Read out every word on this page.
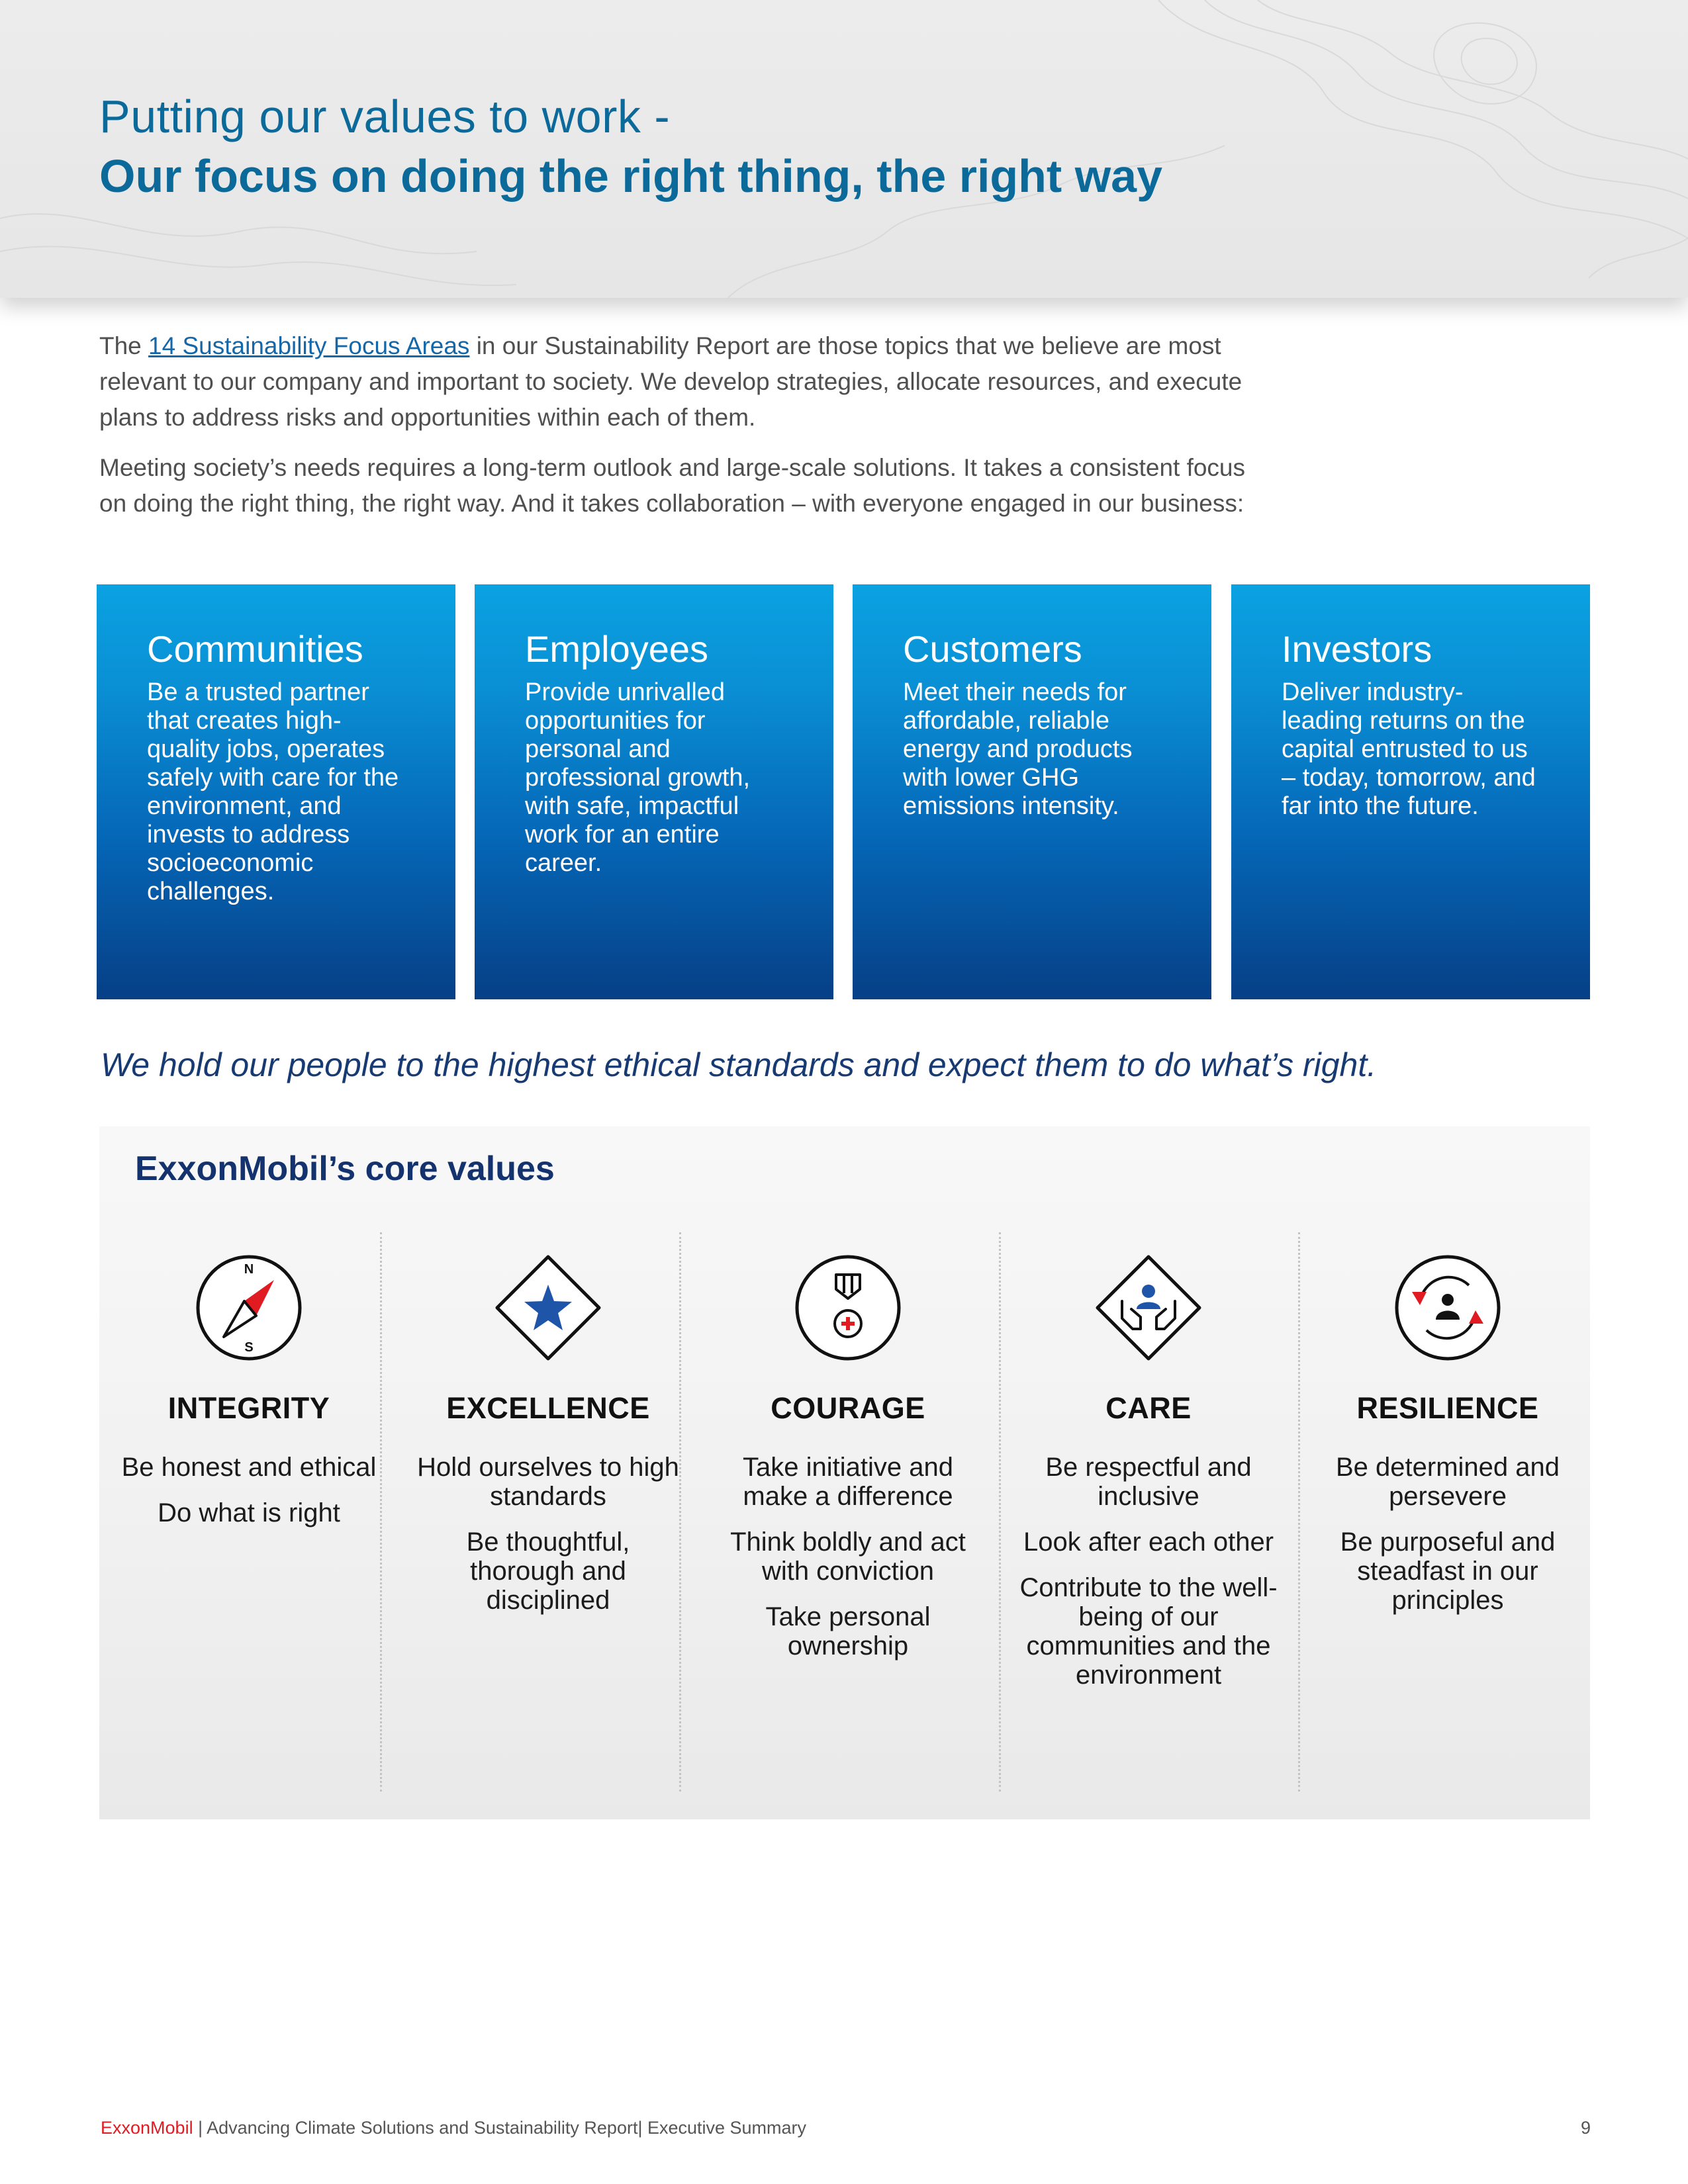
Putting our values to work -
Our focus on doing the right thing, the right way

The 14 Sustainability Focus Areas in our Sustainability Report are those topics that we believe are most relevant to our company and important to society. We develop strategies, allocate resources, and execute plans to address risks and opportunities within each of them.

Meeting society’s needs requires a long-term outlook and large-scale solutions. It takes a consistent focus on doing the right thing, the right way. And it takes collaboration – with everyone engaged in our business:

Communities
Be a trusted partner that creates high-quality jobs, operates safely with care for the environment, and invests to address socioeconomic challenges.
Employees
Provide unrivalled opportunities for personal and professional growth, with safe, impactful work for an entire career.
Customers
Meet their needs for affordable, reliable energy and products with lower GHG emissions intensity.
Investors
Deliver industry-leading returns on the capital entrusted to us – today, tomorrow, and far into the future.
We hold our people to the highest ethical standards and expect them to do what’s right.
ExxonMobil’s core values
N
S
INTEGRITY

Be honest and ethical

Do what is right

EXCELLENCE

Hold ourselves to high standards

Be thoughtful, thorough and disciplined

COURAGE

Take initiative and make a difference

Think boldly and act with conviction

Take personal ownership

CARE

Be respectful and inclusive

Look after each other

Contribute to the well-being of our communities and the environment

RESILIENCE

Be determined and persevere

Be purposeful and steadfast in our principles

ExxonMobil | Advancing Climate Solutions and Sustainability Report| Executive Summary	9
